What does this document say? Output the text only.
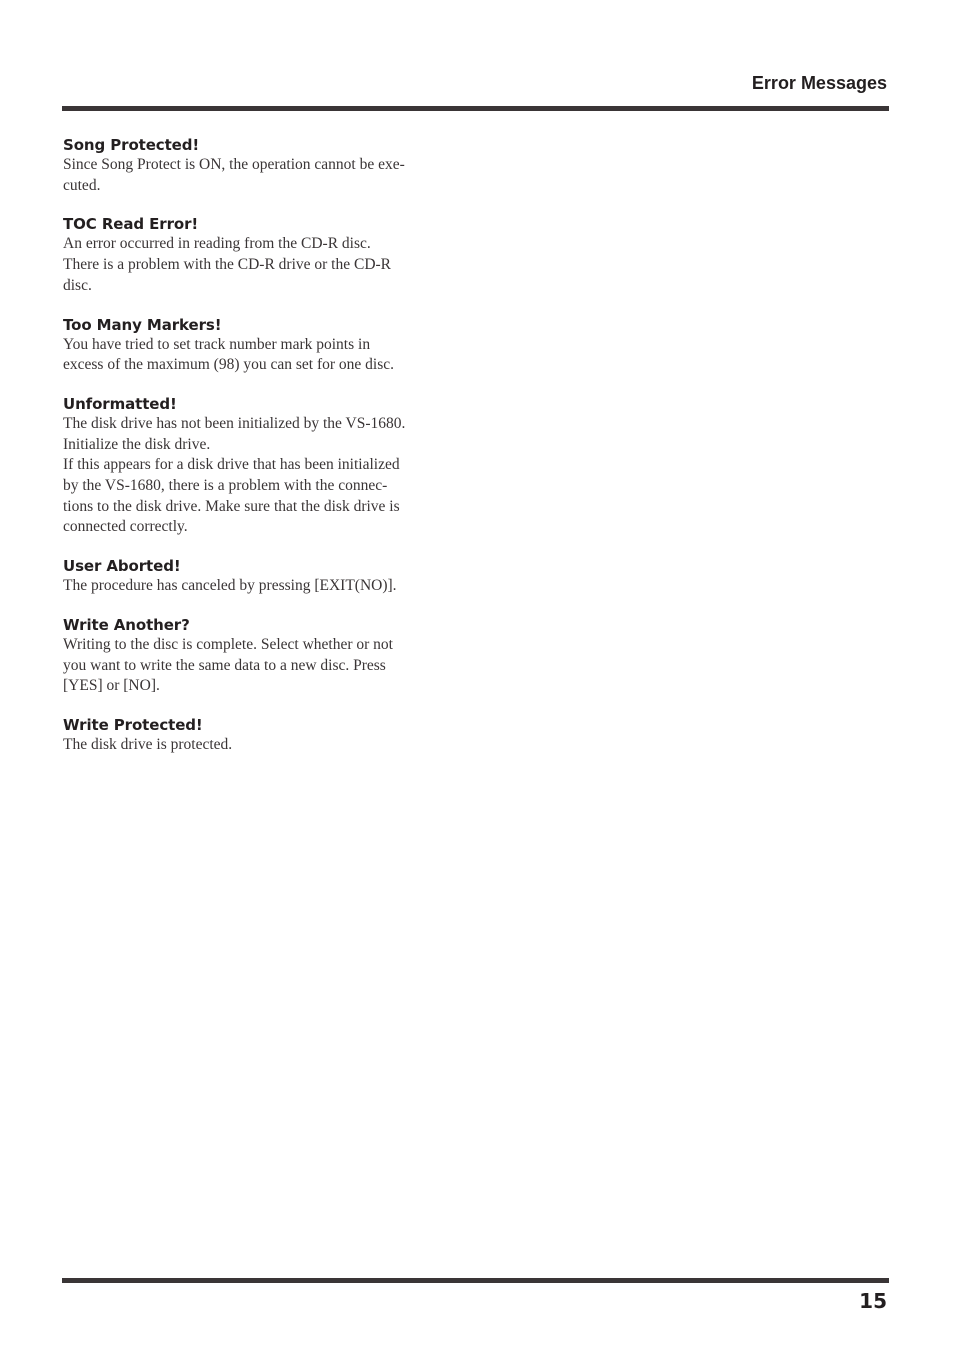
Error Messages

Song Protected!

Since Song Protect is ON, the operation cannot be exe-
cuted.

TOC Read Error!

An error occurred in reading from the CD-R disc.
There is a problem with the CD-R drive or the CD-R
disc.

Too Many Markers!

You have tried to set track number mark points in
excess of the maximum (98) you can set for one disc.

Unformatted!

The disk drive has not been initialized by the VS-1680.
Initialize the disk drive.
If this appears for a disk drive that has been initialized
by the VS-1680, there is a problem with the connec-
tions to the disk drive. Make sure that the disk drive is
connected correctly.

User Aborted!

The procedure has canceled by pressing [EXIT(NO)].

Write Another?

Writing to the disc is complete. Select whether or not
you want to write the same data to a new disc. Press
[YES] or [NO].

Write Protected!

The disk drive is protected.

15
